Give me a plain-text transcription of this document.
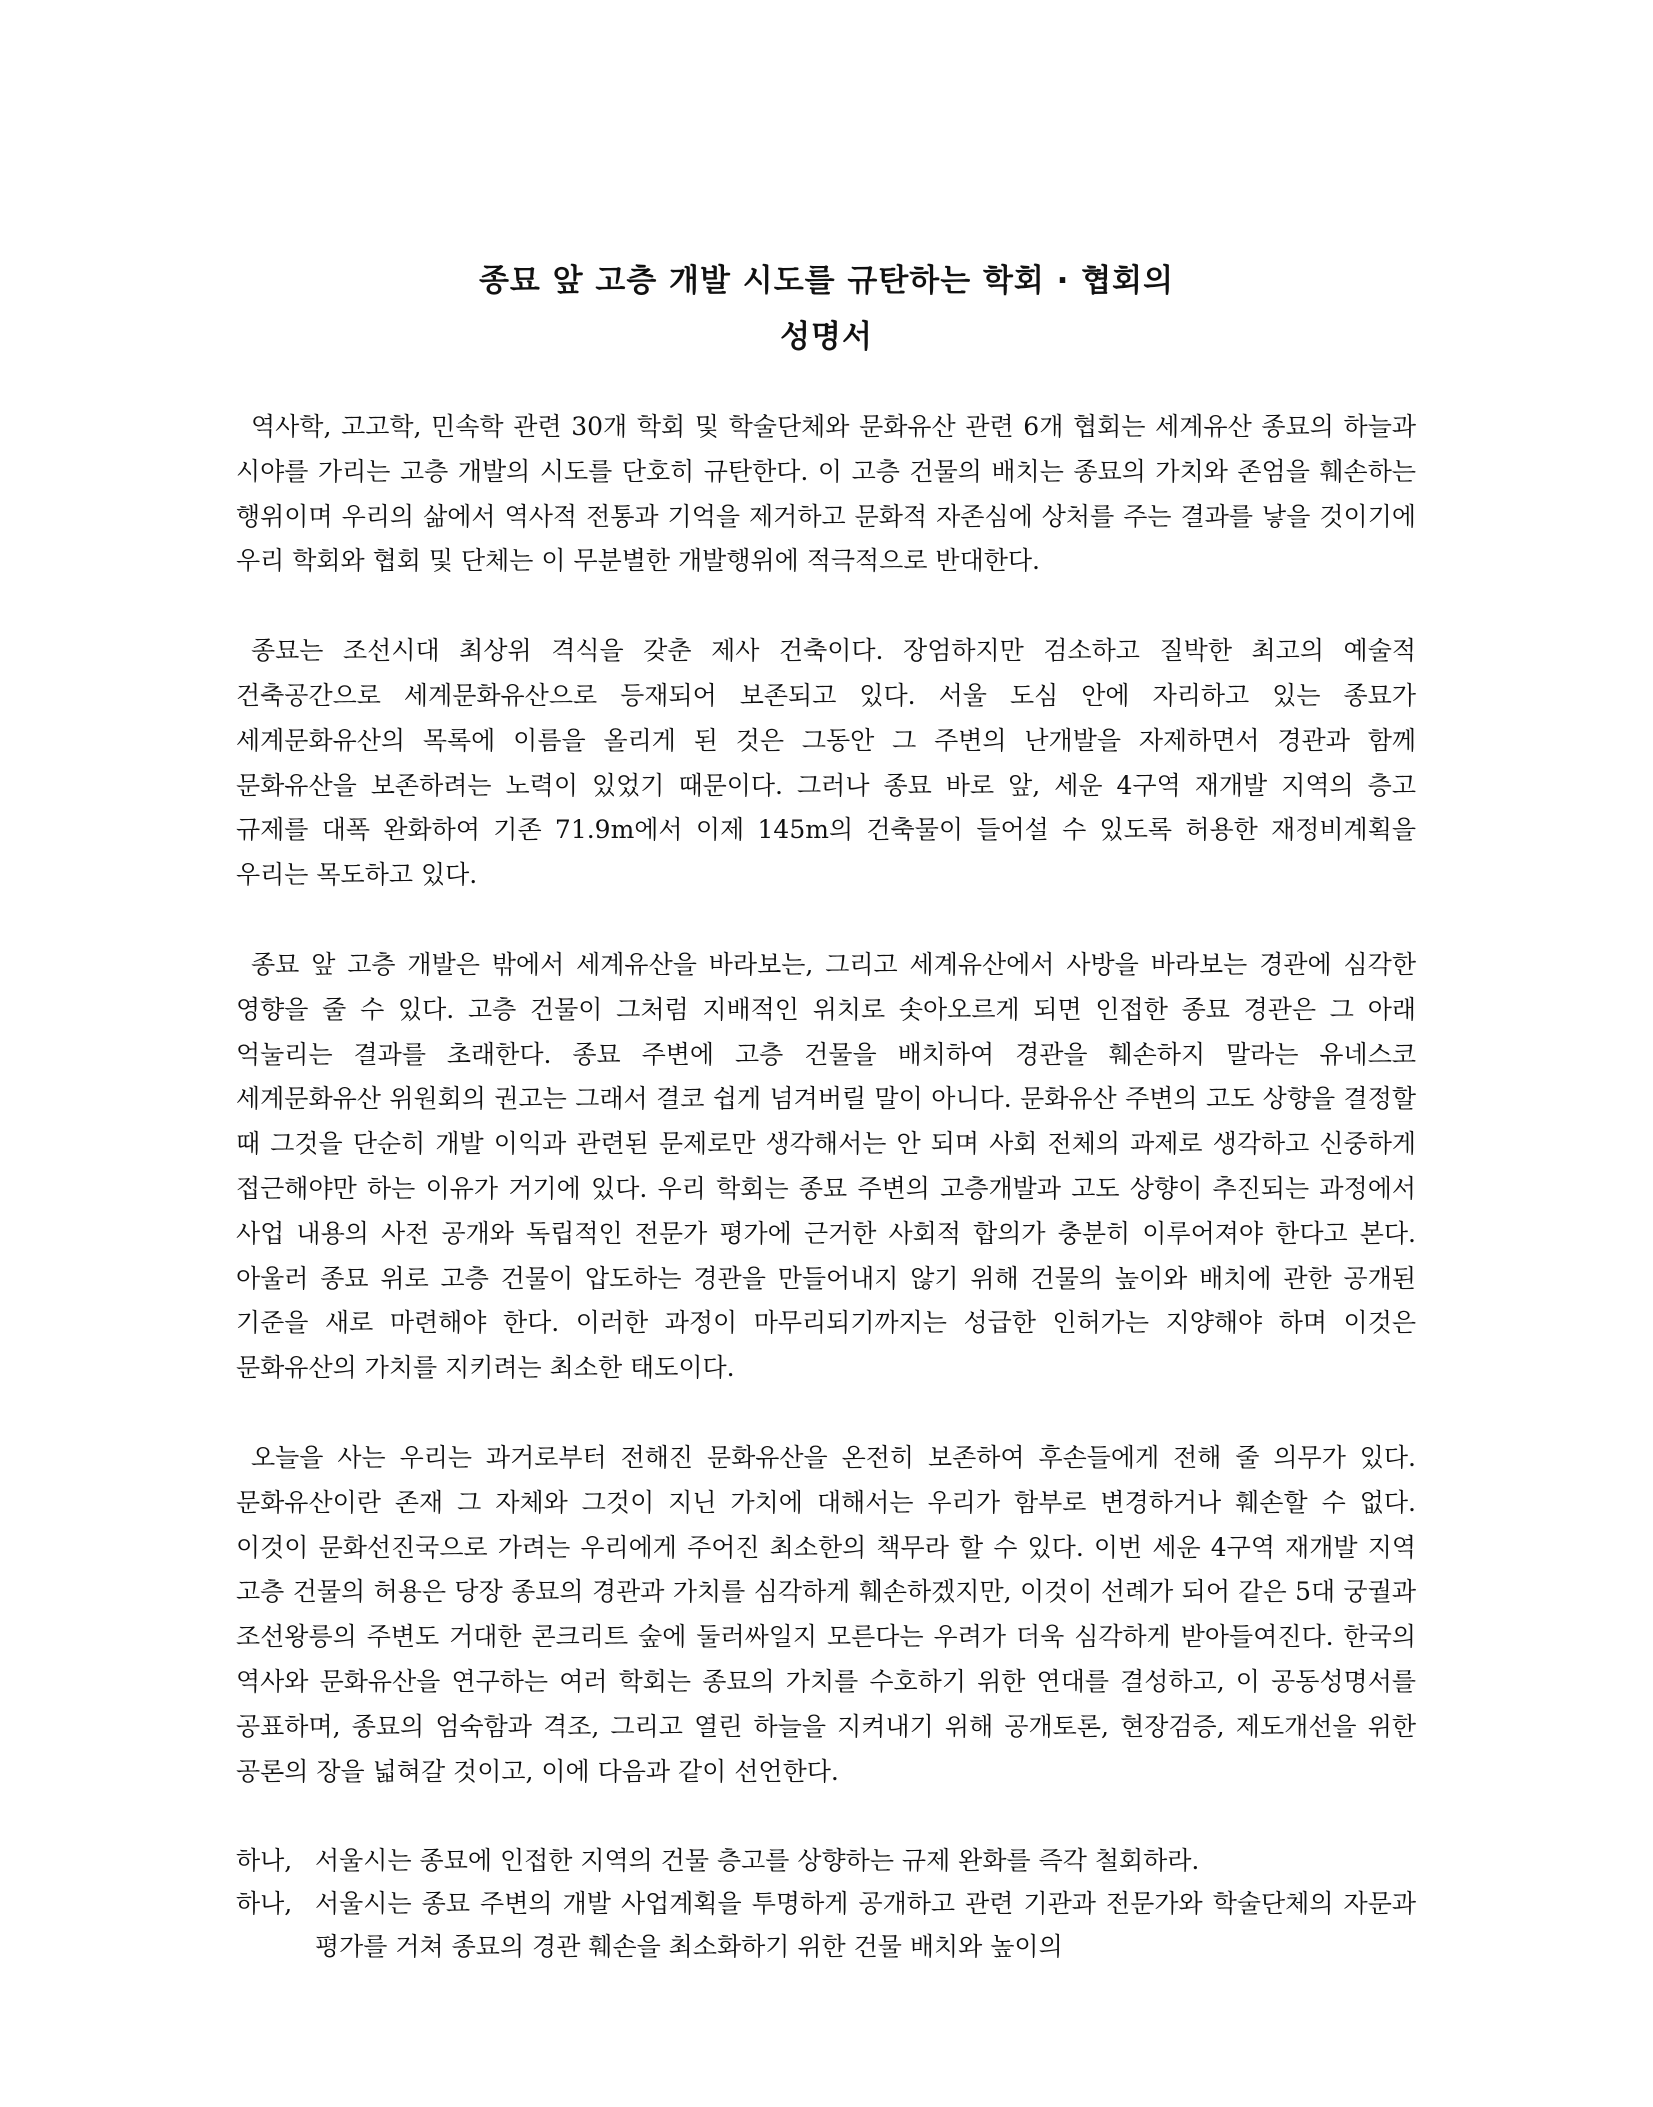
종묘 앞 고층 개발 시도를 규탄하는 학회 · 협회의
성명서

역사학, 고고학, 민속학 관련 30개 학회 및 학술단체와 문화유산 관련 6개 협회는 세계유산 종묘의 하늘과 시야를 가리는 고층 개발의 시도를 단호히 규탄한다. 이 고층 건물의 배치는 종묘의 가치와 존엄을 훼손하는 행위이며 우리의 삶에서 역사적 전통과 기억을 제거하고 문화적 자존심에 상처를 주는 결과를 낳을 것이기에 우리 학회와 협회 및 단체는 이 무분별한 개발행위에 적극적으로 반대한다.

종묘는 조선시대 최상위 격식을 갖춘 제사 건축이다. 장엄하지만 검소하고 질박한 최고의 예술적 건축공간으로 세계문화유산으로 등재되어 보존되고 있다. 서울 도심 안에 자리하고 있는 종묘가 세계문화유산의 목록에 이름을 올리게 된 것은 그동안 그 주변의 난개발을 자제하면서 경관과 함께 문화유산을 보존하려는 노력이 있었기 때문이다. 그러나 종묘 바로 앞, 세운 4구역 재개발 지역의 층고 규제를 대폭 완화하여 기존 71.9m에서 이제 145m의 건축물이 들어설 수 있도록 허용한 재정비계획을 우리는 목도하고 있다.

종묘 앞 고층 개발은 밖에서 세계유산을 바라보는, 그리고 세계유산에서 사방을 바라보는 경관에 심각한 영향을 줄 수 있다. 고층 건물이 그처럼 지배적인 위치로 솟아오르게 되면 인접한 종묘 경관은 그 아래 억눌리는 결과를 초래한다. 종묘 주변에 고층 건물을 배치하여 경관을 훼손하지 말라는 유네스코 세계문화유산 위원회의 권고는 그래서 결코 쉽게 넘겨버릴 말이 아니다. 문화유산 주변의 고도 상향을 결정할 때 그것을 단순히 개발 이익과 관련된 문제로만 생각해서는 안 되며 사회 전체의 과제로 생각하고 신중하게 접근해야만 하는 이유가 거기에 있다. 우리 학회는 종묘 주변의 고층개발과 고도 상향이 추진되는 과정에서 사업 내용의 사전 공개와 독립적인 전문가 평가에 근거한 사회적 합의가 충분히 이루어져야 한다고 본다. 아울러 종묘 위로 고층 건물이 압도하는 경관을 만들어내지 않기 위해 건물의 높이와 배치에 관한 공개된 기준을 새로 마련해야 한다. 이러한 과정이 마무리되기까지는 성급한 인허가는 지양해야 하며 이것은 문화유산의 가치를 지키려는 최소한 태도이다.

오늘을 사는 우리는 과거로부터 전해진 문화유산을 온전히 보존하여 후손들에게 전해 줄 의무가 있다. 문화유산이란 존재 그 자체와 그것이 지닌 가치에 대해서는 우리가 함부로 변경하거나 훼손할 수 없다. 이것이 문화선진국으로 가려는 우리에게 주어진 최소한의 책무라 할 수 있다. 이번 세운 4구역 재개발 지역 고층 건물의 허용은 당장 종묘의 경관과 가치를 심각하게 훼손하겠지만, 이것이 선례가 되어 같은 5대 궁궐과 조선왕릉의 주변도 거대한 콘크리트 숲에 둘러싸일지 모른다는 우려가 더욱 심각하게 받아들여진다. 한국의 역사와 문화유산을 연구하는 여러 학회는 종묘의 가치를 수호하기 위한 연대를 결성하고, 이 공동성명서를 공표하며, 종묘의 엄숙함과 격조, 그리고 열린 하늘을 지켜내기 위해 공개토론, 현장검증, 제도개선을 위한 공론의 장을 넓혀갈 것이고, 이에 다음과 같이 선언한다.

하나, 서울시는 종묘에 인접한 지역의 건물 층고를 상향하는 규제 완화를 즉각 철회하라.

하나, 서울시는 종묘 주변의 개발 사업계획을 투명하게 공개하고 관련 기관과 전문가와 학술단체의 자문과 평가를 거쳐 종묘의 경관 훼손을 최소화하기 위한 건물 배치와 높이의
